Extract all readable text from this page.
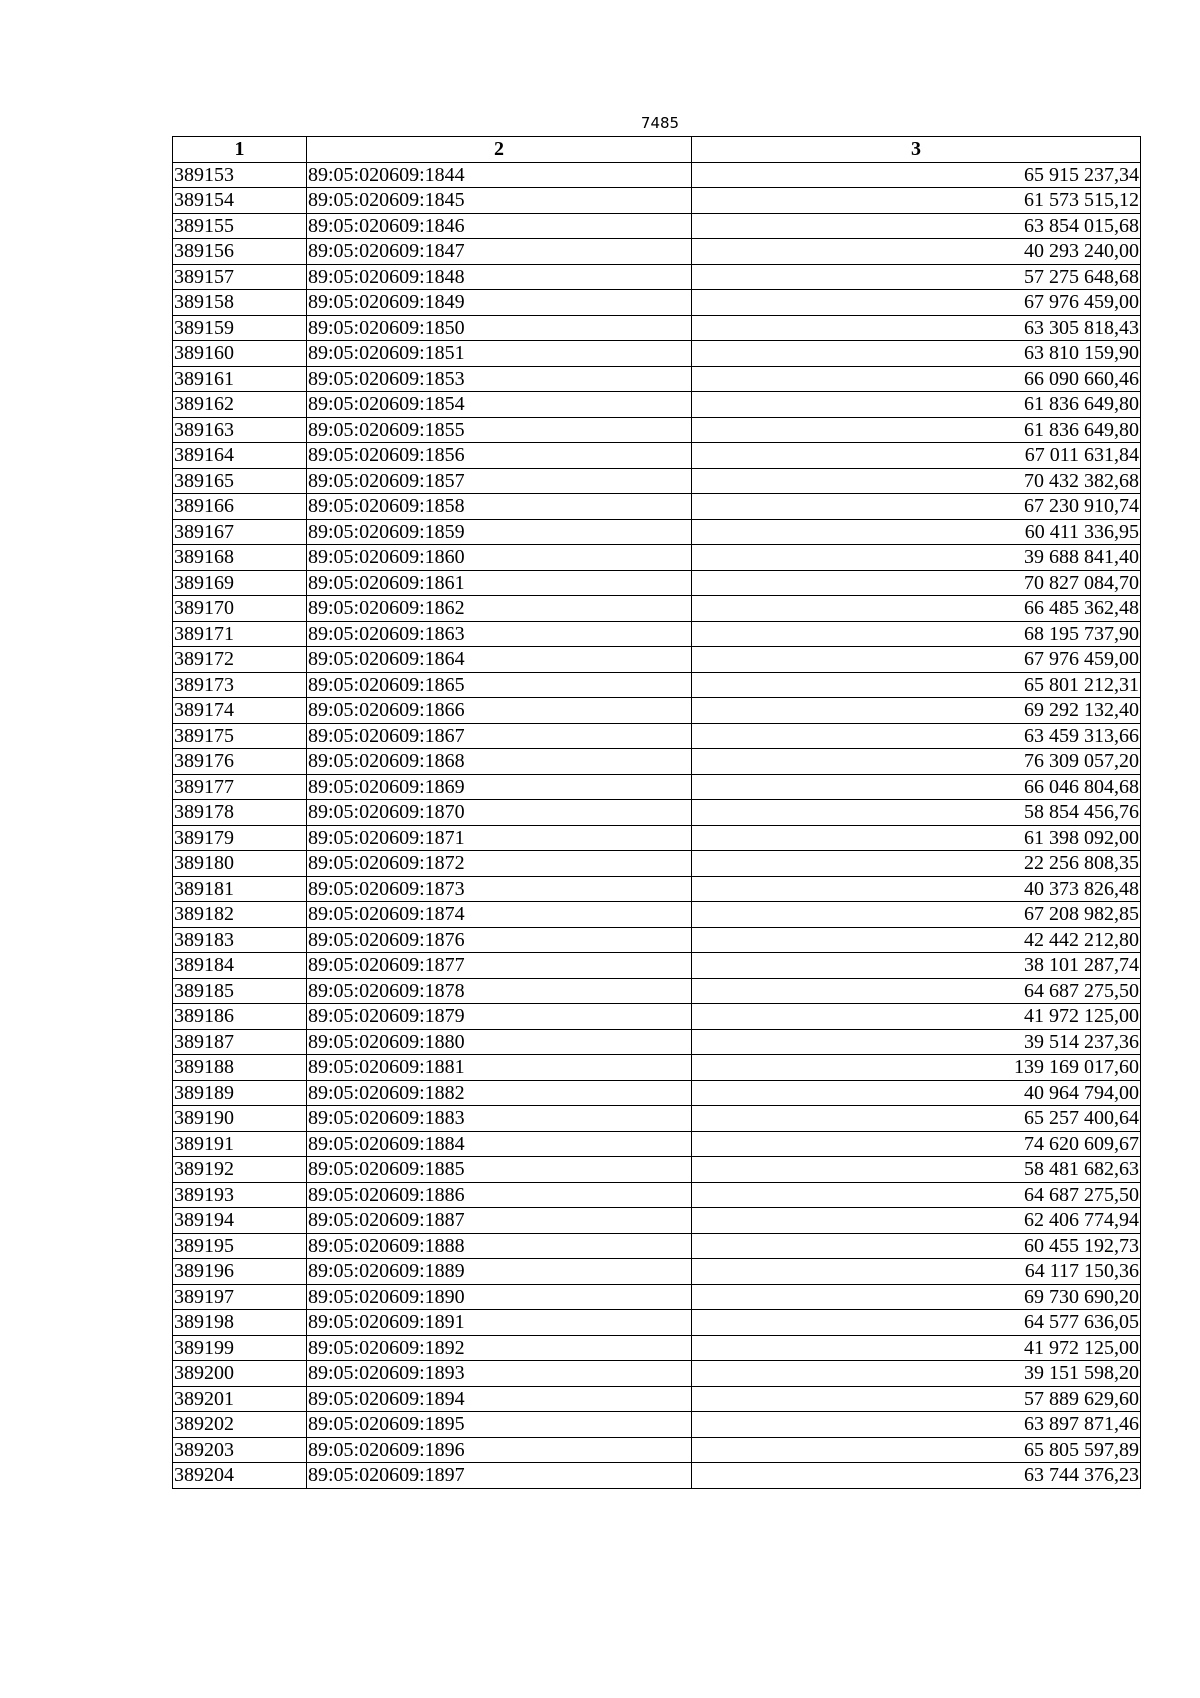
7485
1	2	3
389153	89:05:020609:1844	65 915 237,34
389154	89:05:020609:1845	61 573 515,12
389155	89:05:020609:1846	63 854 015,68
389156	89:05:020609:1847	40 293 240,00
389157	89:05:020609:1848	57 275 648,68
389158	89:05:020609:1849	67 976 459,00
389159	89:05:020609:1850	63 305 818,43
389160	89:05:020609:1851	63 810 159,90
389161	89:05:020609:1853	66 090 660,46
389162	89:05:020609:1854	61 836 649,80
389163	89:05:020609:1855	61 836 649,80
389164	89:05:020609:1856	67 011 631,84
389165	89:05:020609:1857	70 432 382,68
389166	89:05:020609:1858	67 230 910,74
389167	89:05:020609:1859	60 411 336,95
389168	89:05:020609:1860	39 688 841,40
389169	89:05:020609:1861	70 827 084,70
389170	89:05:020609:1862	66 485 362,48
389171	89:05:020609:1863	68 195 737,90
389172	89:05:020609:1864	67 976 459,00
389173	89:05:020609:1865	65 801 212,31
389174	89:05:020609:1866	69 292 132,40
389175	89:05:020609:1867	63 459 313,66
389176	89:05:020609:1868	76 309 057,20
389177	89:05:020609:1869	66 046 804,68
389178	89:05:020609:1870	58 854 456,76
389179	89:05:020609:1871	61 398 092,00
389180	89:05:020609:1872	22 256 808,35
389181	89:05:020609:1873	40 373 826,48
389182	89:05:020609:1874	67 208 982,85
389183	89:05:020609:1876	42 442 212,80
389184	89:05:020609:1877	38 101 287,74
389185	89:05:020609:1878	64 687 275,50
389186	89:05:020609:1879	41 972 125,00
389187	89:05:020609:1880	39 514 237,36
389188	89:05:020609:1881	139 169 017,60
389189	89:05:020609:1882	40 964 794,00
389190	89:05:020609:1883	65 257 400,64
389191	89:05:020609:1884	74 620 609,67
389192	89:05:020609:1885	58 481 682,63
389193	89:05:020609:1886	64 687 275,50
389194	89:05:020609:1887	62 406 774,94
389195	89:05:020609:1888	60 455 192,73
389196	89:05:020609:1889	64 117 150,36
389197	89:05:020609:1890	69 730 690,20
389198	89:05:020609:1891	64 577 636,05
389199	89:05:020609:1892	41 972 125,00
389200	89:05:020609:1893	39 151 598,20
389201	89:05:020609:1894	57 889 629,60
389202	89:05:020609:1895	63 897 871,46
389203	89:05:020609:1896	65 805 597,89
389204	89:05:020609:1897	63 744 376,23
